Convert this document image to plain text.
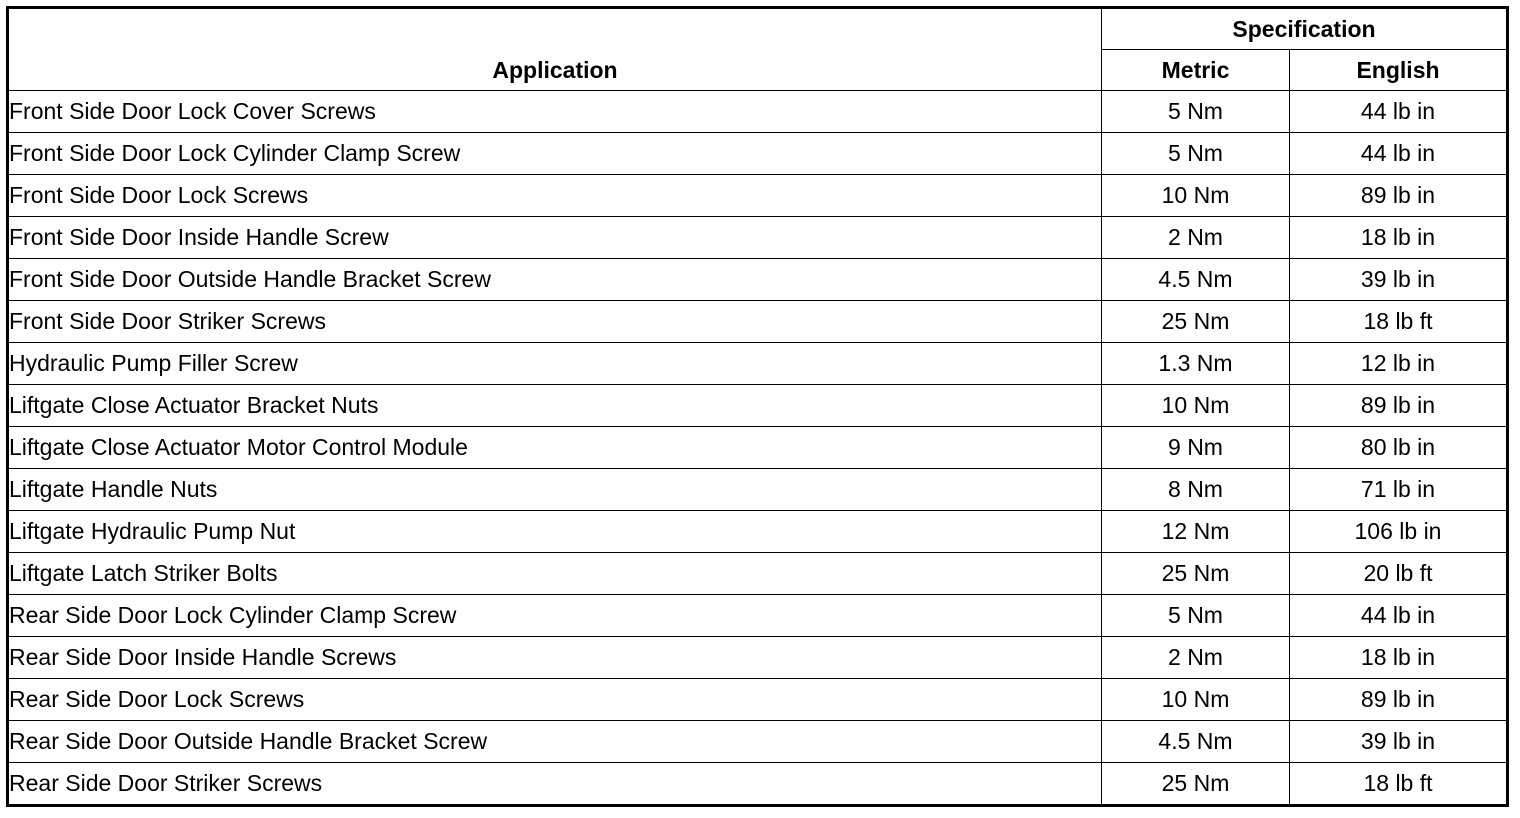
Application	Specification	
	Metric	English
Front Side Door Lock Cover Screws	5 Nm	44 lb in
Front Side Door Lock Cylinder Clamp Screw	5 Nm	44 lb in
Front Side Door Lock Screws	10 Nm	89 lb in
Front Side Door Inside Handle Screw	2 Nm	18 lb in
Front Side Door Outside Handle Bracket Screw	4.5 Nm	39 lb in
Front Side Door Striker Screws	25 Nm	18 lb ft
Hydraulic Pump Filler Screw	1.3 Nm	12 lb in
Liftgate Close Actuator Bracket Nuts	10 Nm	89 lb in
Liftgate Close Actuator Motor Control Module	9 Nm	80 lb in
Liftgate Handle Nuts	8 Nm	71 lb in
Liftgate Hydraulic Pump Nut	12 Nm	106 lb in
Liftgate Latch Striker Bolts	25 Nm	20 lb ft
Rear Side Door Lock Cylinder Clamp Screw	5 Nm	44 lb in
Rear Side Door Inside Handle Screws	2 Nm	18 lb in
Rear Side Door Lock Screws	10 Nm	89 lb in
Rear Side Door Outside Handle Bracket Screw	4.5 Nm	39 lb in
Rear Side Door Striker Screws	25 Nm	18 lb ft
